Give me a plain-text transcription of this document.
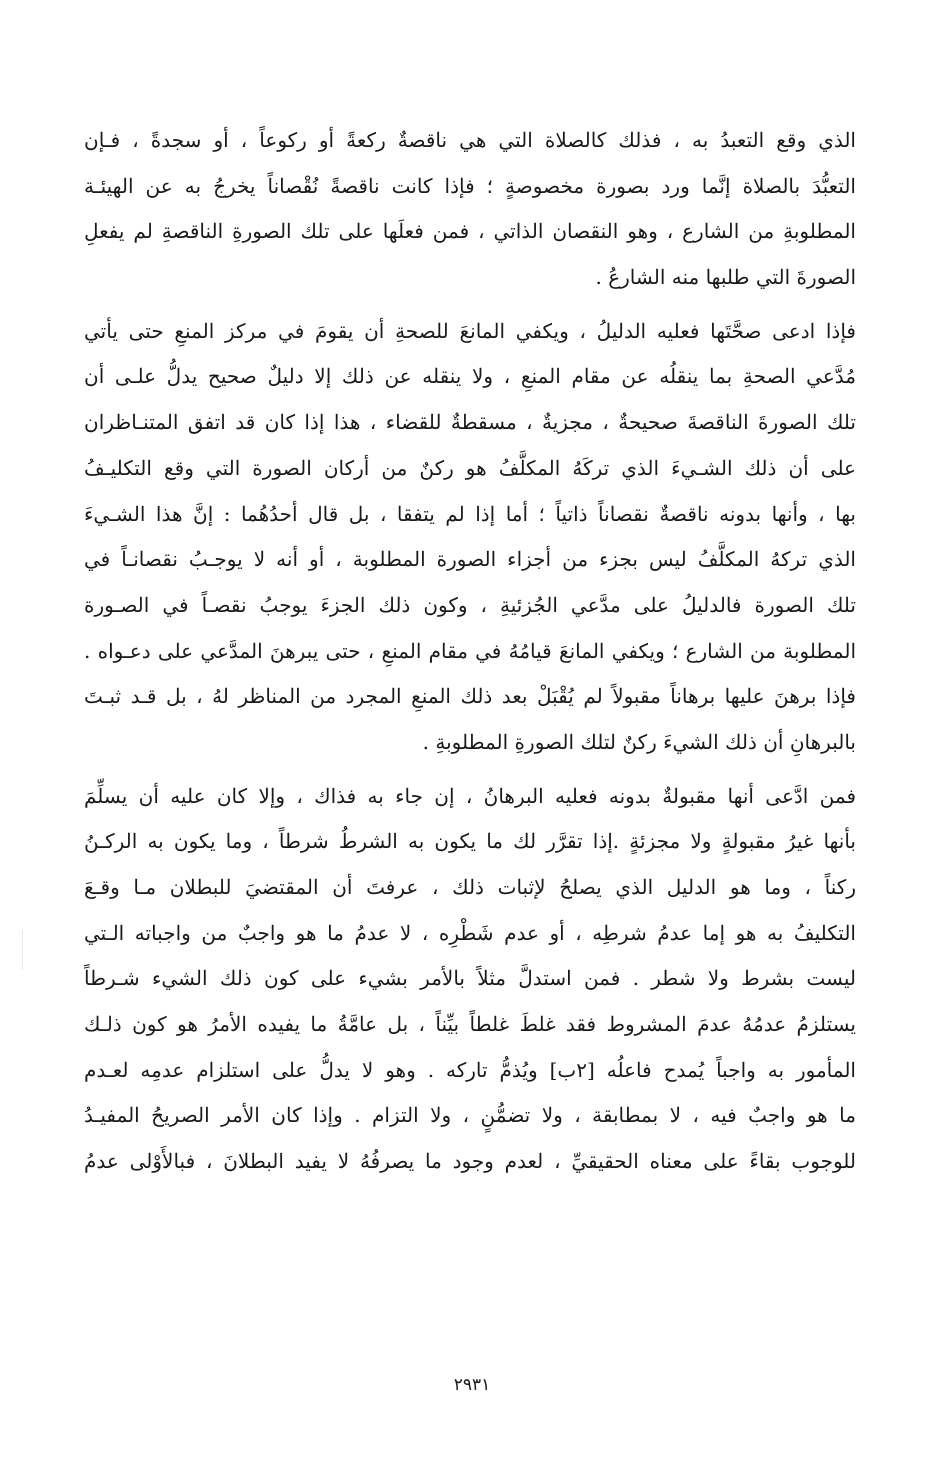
الذي وقع التعبدُ به ، فذلك كالصلاة التي هي ناقصةٌ ركعةً أو ركوعاً ، أو سجدةً ، فـإن
التعبُّدَ بالصلاة إنَّما ورد بصورة مخصوصةٍ ؛ فإذا كانت ناقصةً نُقْصاناً يخرجُ به عن الهيئـة
المطلوبةِ من الشارع ، وهو النقصان الذاتي ، فمن فعلَها على تلك الصورةِ الناقصةِ لم يفعلِ
الصورةَ التي طلبها منه الشارعُ .
فإذا ادعى صحَّتَها فعليه الدليلُ ، ويكفي المانعَ للصحةِ أن يقومَ في مركز المنعِ حتى يأتي
مُدَّعي الصحةِ بما ينقلُه عن مقام المنعِ ، ولا ينقله عن ذلك إلا دليلٌ صحيح يدلُّ علـى أن
تلك الصورةَ الناقصةَ صحيحةٌ ، مجزيةٌ ، مسقطةٌ للقضاء ، هذا إذا كان قد اتفق المتنـاظران
على أن ذلك الشـيءَ الذي تركَهُ المكلَّفُ هو ركنٌ من أركان الصورة التي وقع التكليـفُ
بها ، وأنها بدونه ناقصةٌ نقصاناً ذاتياً ؛ أما إذا لم يتفقا ، بل قال أحدُهُما : إنَّ هذا الشـيءَ
الذي تركهُ المكلَّفُ ليس بجزء من أجزاء الصورة المطلوبة ، أو أنه لا يوجـبُ نقصانـاً في
تلك الصورة فالدليلُ على مدَّعي الجُزئيةِ ، وكون ذلك الجزءَ يوجبُ نقصـاً في الصـورة
المطلوبة من الشارع ؛ ويكفي المانعَ قيامُهُ في مقام المنعِ ، حتى يبرهنَ المدَّعي على دعـواه .
فإذا برهنَ عليها برهاناً مقبولاً لم يُقْبَلْ بعد ذلك المنعِ المجرد من المناظر لهُ ، بل قـد ثبـتَ
بالبرهانِ أن ذلك الشيءَ ركنٌ لتلك الصورةِ المطلوبةِ .
فمن ادَّعى أنها مقبولةٌ بدونه فعليه البرهانُ ، إن جاء به فذاك ، وإلا كان عليه أن يسلِّمَ
بأنها غيرُ مقبولةٍ ولا مجزئةٍ .إذا تقرَّر لك ما يكون به الشرطُ شرطاً ، وما يكون به الركـنُ
ركناً ، وما هو الدليل الذي يصلحُ لإثبات ذلك ، عرفتَ أن المقتضيَ للبطلان مـا وقـعَ
التكليفُ به هو إما عدمُ شرطِه ، أو عدم شَطْرِه ، لا عدمُ ما هو واجبٌ من واجباته الـتي
ليست بشرط ولا شطر . فمن استدلَّ مثلاً بالأمر بشيء على كون ذلك الشيء شـرطاً
يستلزمُ عدمُهُ عدمَ المشروط فقد غلطَ غلطاً بيِّناً ، بل عامَّةُ ما يفيده الأمرُ هو كون ذلـك
المأمور به واجباً يُمدح فاعلُه [٢ب] ويُذمُّ تاركه . وهو لا يدلُّ على استلزام عدمِه لعـدم
ما هو واجبٌ فيه ، لا بمطابقة ، ولا تضمُّنٍ ، ولا التزام . وإذا كان الأمر الصريحُ المفيـدُ
للوجوب بقاءً على معناه الحقيقيِّ ، لعدم وجود ما يصرفُهُ لا يفيد البطلانَ ، فبالأَوْلى عدمُ
٢٩٣١
